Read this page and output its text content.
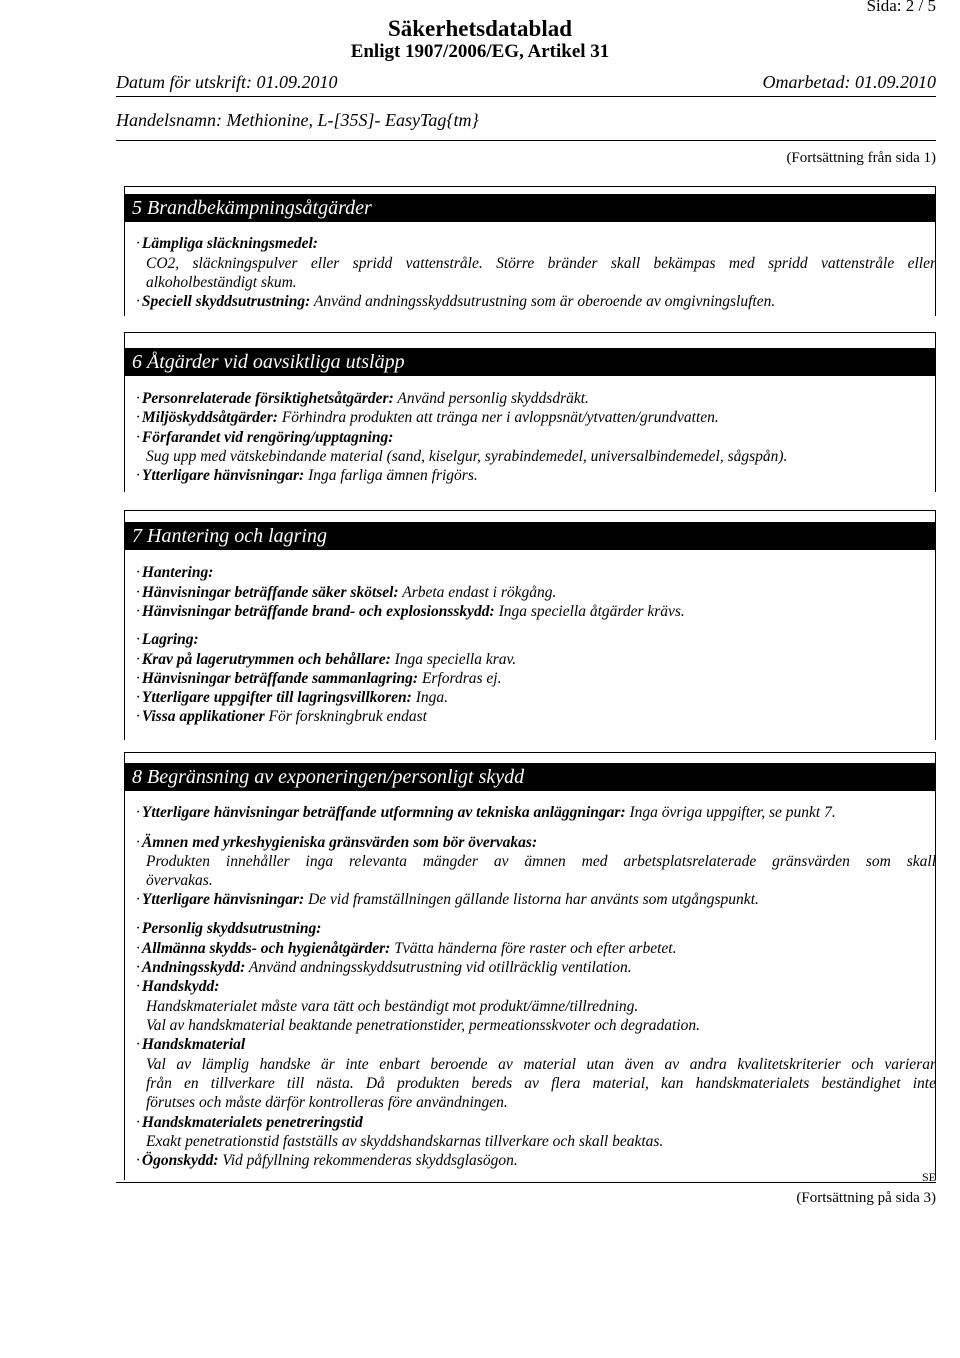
Sida: 2 / 5
Säkerhetsdatablad
Enligt 1907/2006/EG, Artikel 31
Datum för utskrift: 01.09.2010	Omarbetad: 01.09.2010
Handelsnamn: Methionine, L-[35S]- EasyTag{tm}
(Fortsättning från sida 1)
5 Brandbekämpningsåtgärder
· Lämpliga släckningsmedel:
CO2, släckningspulver eller spridd vattenstråle. Större bränder skall bekämpas med spridd vattenstråle eller
alkoholbeständigt skum.
· Speciell skyddsutrustning: Använd andningsskyddsutrustning som är oberoende av omgivningsluften.
6 Åtgärder vid oavsiktliga utsläpp
· Personrelaterade försiktighetsåtgärder: Använd personlig skyddsdräkt.
· Miljöskyddsåtgärder: Förhindra produkten att tränga ner i avloppsnät/ytvatten/grundvatten.
· Förfarandet vid rengöring/upptagning:
Sug upp med vätskebindande material (sand, kiselgur, syrabindemedel, universalbindemedel, sågspån).
· Ytterligare hänvisningar: Inga farliga ämnen frigörs.
7 Hantering och lagring
· Hantering:
· Hänvisningar beträffande säker skötsel: Arbeta endast i rökgång.
· Hänvisningar beträffande brand- och explosionsskydd: Inga speciella åtgärder krävs.
· Lagring:
· Krav på lagerutrymmen och behållare: Inga speciella krav.
· Hänvisningar beträffande sammanlagring: Erfordras ej.
· Ytterligare uppgifter till lagringsvillkoren: Inga.
· Vissa applikationer För forskningbruk endast
8 Begränsning av exponeringen/personligt skydd
· Ytterligare hänvisningar beträffande utformning av tekniska anläggningar: Inga övriga uppgifter, se punkt 7.
· Ämnen med yrkeshygieniska gränsvärden som bör övervakas:
Produkten innehåller inga relevanta mängder av ämnen med arbetsplatsrelaterade gränsvärden som skall
övervakas.
· Ytterligare hänvisningar: De vid framställningen gällande listorna har använts som utgångspunkt.
· Personlig skyddsutrustning:
· Allmänna skydds- och hygienåtgärder: Tvätta händerna före raster och efter arbetet.
· Andningsskydd: Använd andningsskyddsutrustning vid otillräcklig ventilation.
· Handskydd:
Handskmaterialet måste vara tätt och beständigt mot produkt/ämne/tillredning.
Val av handskmaterial beaktande penetrationstider, permeationsskvoter och degradation.
· Handskmaterial
Val av lämplig handske är inte enbart beroende av material utan även av andra kvalitetskriterier och varierar
från en tillverkare till nästa. Då produkten bereds av flera material, kan handskmaterialets beständighet inte
förutses och måste därför kontrolleras före användningen.
· Handskmaterialets penetreringstid
Exakt penetrationstid fastställs av skyddshandskarnas tillverkare och skall beaktas.
· Ögonskydd: Vid påfyllning rekommenderas skyddsglasögon.
SE
(Fortsättning på sida 3)
